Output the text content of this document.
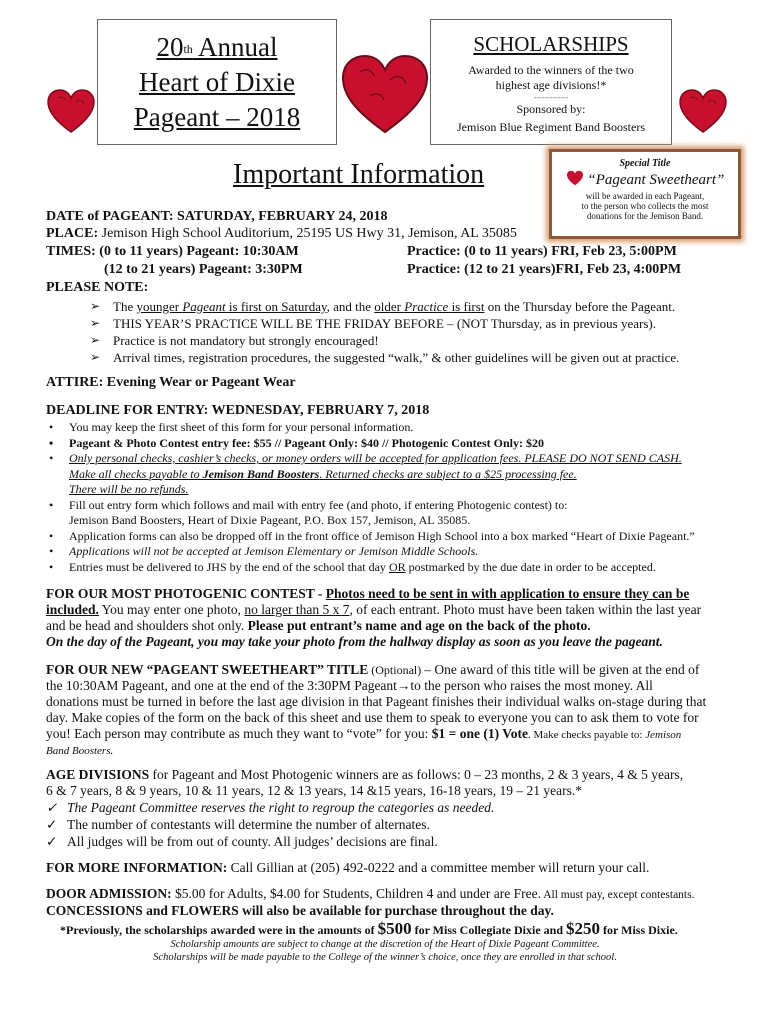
20th Annual
Heart of Dixie
Pageant – 2018
SCHOLARSHIPS
Awarded to the winners of the two
highest age divisions!*
-------------
Sponsored by:
Jemison Blue Regiment Band Boosters
Important Information	Special Title
“Pageant Sweetheart”
will be awarded in each Pageant,
to the person who collects the most
donations for the Jemison Band.
DATE of PAGEANT: SATURDAY, FEBRUARY 24, 2018
PLACE: Jemison High School Auditorium, 25195 US Hwy 31, Jemison, AL 35085
TIMES: (0 to 11 years) Pageant: 10:30AM	Practice: (0 to 11 years) FRI, Feb 23, 5:00PM
(12 to 21 years) Pageant: 3:30PM	Practice: (12 to 21 years)FRI, Feb 23, 4:00PM
PLEASE NOTE:
➢ The younger Pageant is first on Saturday, and the older Practice is first on the Thursday before the Pageant.
➢ THIS YEAR’S PRACTICE WILL BE THE FRIDAY BEFORE – (NOT Thursday, as in previous years).
➢ Practice is not mandatory but strongly encouraged!
➢ Arrival times, registration procedures, the suggested “walk,” & other guidelines will be given out at practice.
ATTIRE: Evening Wear or Pageant Wear
DEADLINE FOR ENTRY: WEDNESDAY, FEBRUARY 7, 2018
• You may keep the first sheet of this form for your personal information.
• Pageant & Photo Contest entry fee: $55 // Pageant Only: $40 // Photogenic Contest Only: $20
• Only personal checks, cashier’s checks, or money orders will be accepted for application fees. PLEASE DO NOT SEND CASH.
Make all checks payable to Jemison Band Boosters. Returned checks are subject to a $25 processing fee.
There will be no refunds.
• Fill out entry form which follows and mail with entry fee (and photo, if entering Photogenic contest) to:
Jemison Band Boosters, Heart of Dixie Pageant, P.O. Box 157, Jemison, AL 35085.
• Application forms can also be dropped off in the front office of Jemison High School into a box marked “Heart of Dixie Pageant.”
• Applications will not be accepted at Jemison Elementary or Jemison Middle Schools.
• Entries must be delivered to JHS by the end of the school that day OR postmarked by the due date in order to be accepted.
FOR OUR MOST PHOTOGENIC CONTEST - Photos need to be sent in with application to ensure they can be
included. You may enter one photo, no larger than 5 x 7, of each entrant. Photo must have been taken within the last year
and be head and shoulders shot only. Please put entrant’s name and age on the back of the photo.
On the day of the Pageant, you may take your photo from the hallway display as soon as you leave the pageant.
FOR OUR NEW “PAGEANT SWEETHEART” TITLE (Optional) – One award of this title will be given at the end of
the 10:30AM Pageant, and one at the end of the 3:30PM Pageant→to the person who raises the most money. All
donations must be turned in before the last age division in that Pageant finishes their individual walks on-stage during that
day. Make copies of the form on the back of this sheet and use them to speak to everyone you can to ask them to vote for
you! Each person may contribute as much they want to “vote” for you: $1 = one (1) Vote. Make checks payable to: Jemison
Band Boosters.
AGE DIVISIONS for Pageant and Most Photogenic winners are as follows: 0 – 23 months, 2 & 3 years, 4 & 5 years,
6 & 7 years, 8 & 9 years, 10 & 11 years, 12 & 13 years, 14 &15 years, 16-18 years, 19 – 21 years.*
✓ The Pageant Committee reserves the right to regroup the categories as needed.
✓ The number of contestants will determine the number of alternates.
✓ All judges will be from out of county. All judges’ decisions are final.
FOR MORE INFORMATION: Call Gillian at (205) 492-0222 and a committee member will return your call.
DOOR ADMISSION: $5.00 for Adults, $4.00 for Students, Children 4 and under are Free. All must pay, except contestants.
CONCESSIONS and FLOWERS will also be available for purchase throughout the day.
*Previously, the scholarships awarded were in the amounts of $500 for Miss Collegiate Dixie and $250 for Miss Dixie.
Scholarship amounts are subject to change at the discretion of the Heart of Dixie Pageant Committee.
Scholarships will be made payable to the College of the winner’s choice, once they are enrolled in that school.
